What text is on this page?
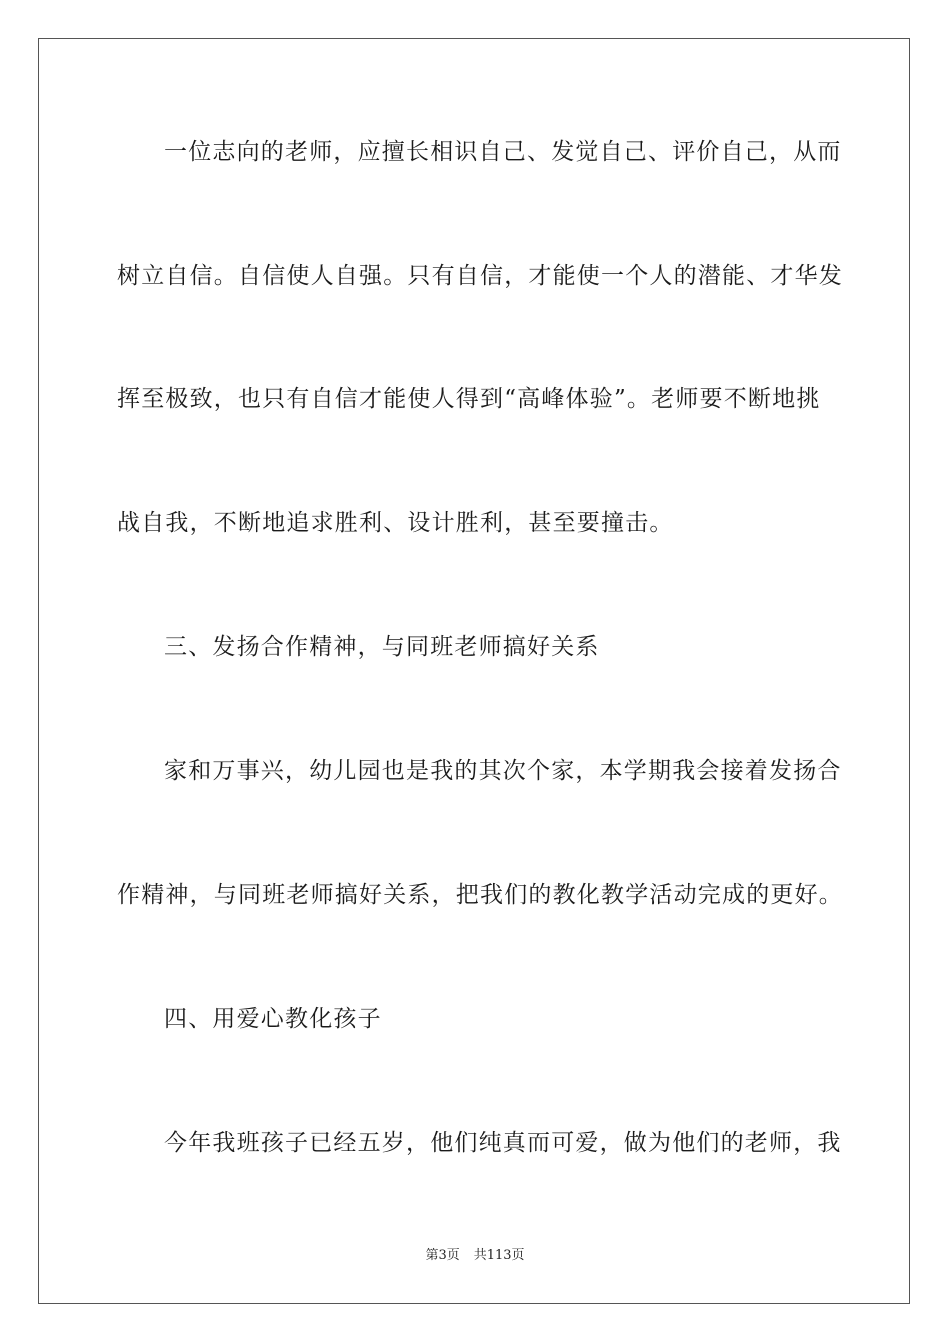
一位志向的老师，应擅长相识自己、发觉自己、评价自己，从而
树立自信。自信使人自强。只有自信，才能使一个人的潜能、才华发
挥至极致，也只有自信才能使人得到“高峰体验”。老师要不断地挑
战自我，不断地追求胜利、设计胜利，甚至要撞击。
三、发扬合作精神，与同班老师搞好关系
家和万事兴，幼儿园也是我的其次个家，本学期我会接着发扬合
作精神，与同班老师搞好关系，把我们的教化教学活动完成的更好。
四、用爱心教化孩子
今年我班孩子已经五岁，他们纯真而可爱，做为他们的老师，我
第3页 共113页
